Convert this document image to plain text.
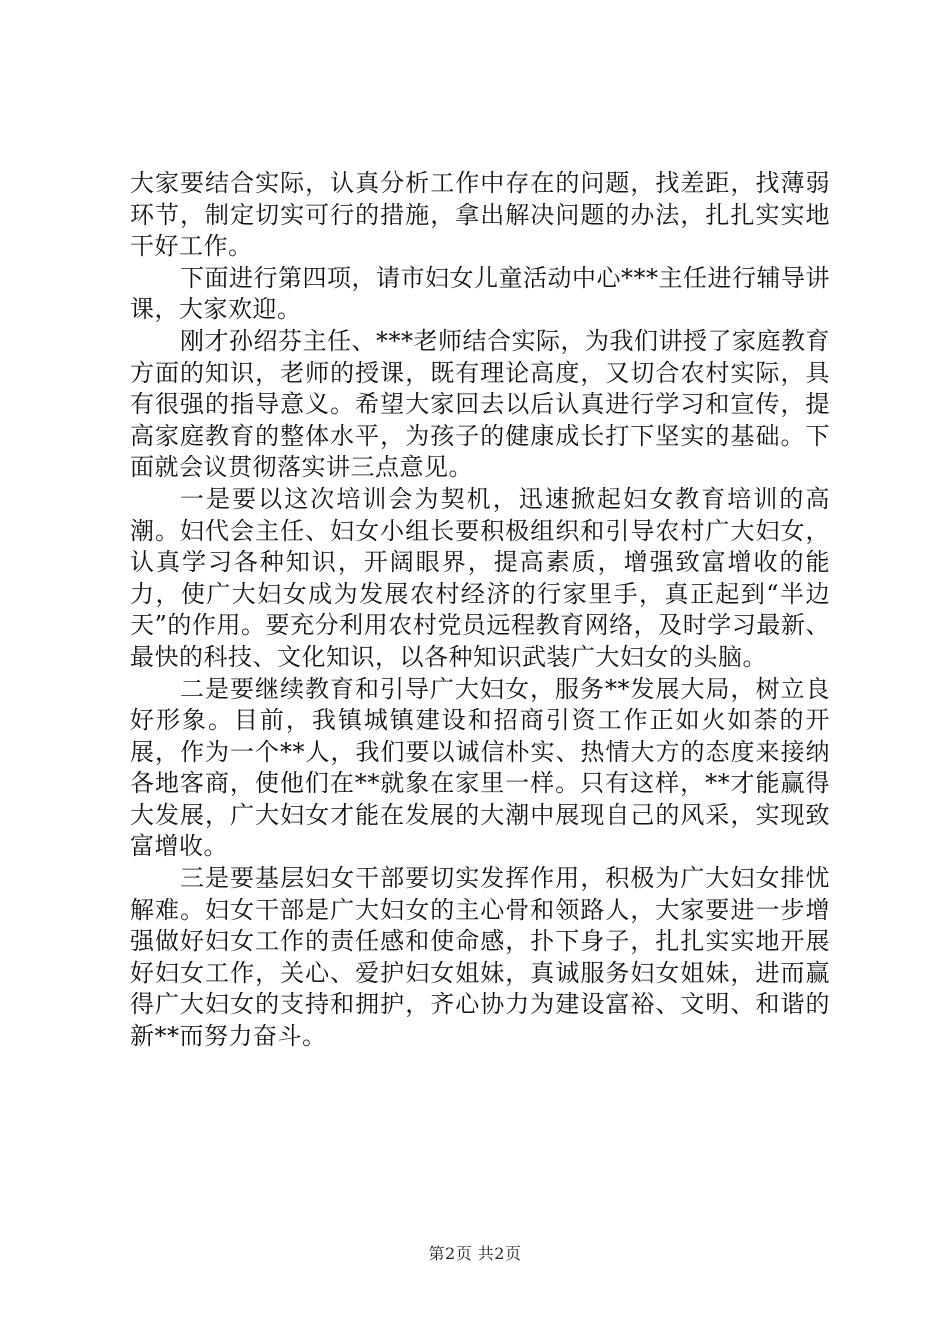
大家要结合实际，认真分析工作中存在的问题，找差距，找薄弱环节，制定切实可行的措施，拿出解决问题的办法，扎扎实实地干好工作。

下面进行第四项，请市妇女儿童活动中心***主任进行辅导讲课，大家欢迎。

刚才孙绍芬主任、***老师结合实际，为我们讲授了家庭教育方面的知识，老师的授课，既有理论高度，又切合农村实际，具有很强的指导意义。希望大家回去以后认真进行学习和宣传，提高家庭教育的整体水平，为孩子的健康成长打下坚实的基础。下面就会议贯彻落实讲三点意见。

一是要以这次培训会为契机，迅速掀起妇女教育培训的高潮。妇代会主任、妇女小组长要积极组织和引导农村广大妇女，认真学习各种知识，开阔眼界，提高素质，增强致富增收的能力，使广大妇女成为发展农村经济的行家里手，真正起到“半边天”的作用。要充分利用农村党员远程教育网络，及时学习最新、最快的科技、文化知识，以各种知识武装广大妇女的头脑。

二是要继续教育和引导广大妇女，服务**发展大局，树立良好形象。目前，我镇城镇建设和招商引资工作正如火如荼的开展，作为一个**人，我们要以诚信朴实、热情大方的态度来接纳各地客商，使他们在**就象在家里一样。只有这样，**才能赢得大发展，广大妇女才能在发展的大潮中展现自己的风采，实现致富增收。

三是要基层妇女干部要切实发挥作用，积极为广大妇女排忧解难。妇女干部是广大妇女的主心骨和领路人，大家要进一步增强做好妇女工作的责任感和使命感，扑下身子，扎扎实实地开展好妇女工作，关心、爱护妇女姐妹，真诚服务妇女姐妹，进而赢得广大妇女的支持和拥护，齐心协力为建设富裕、文明、和谐的新**而努力奋斗。

第2页 共2页
